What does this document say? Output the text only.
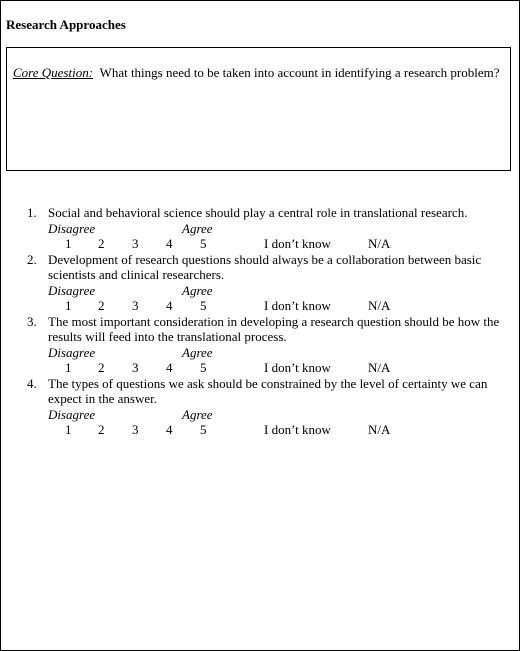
Research Approaches
Core Question: What things need to be taken into account in identifying a research problem?
1. Social and behavioral science should play a central role in translational research.
Disagree	Agree
1 2 3 4 5	I don’t know	N/A
2. Development of research questions should always be a collaboration between basic scientists and clinical researchers.
Disagree	Agree
1 2 3 4 5	I don’t know	N/A
3. The most important consideration in developing a research question should be how the results will feed into the translational process.
Disagree	Agree
1 2 3 4 5	I don’t know	N/A
4. The types of questions we ask should be constrained by the level of certainty we can expect in the answer.
Disagree	Agree
1 2 3 4 5	I don’t know	N/A
